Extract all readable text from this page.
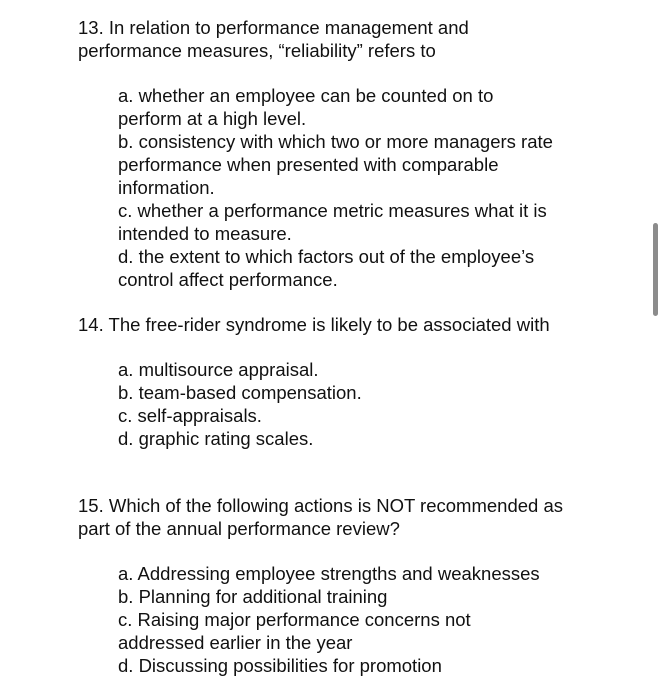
13. In relation to performance management and performance measures, “reliability” refers to

a. whether an employee can be counted on to perform at a high level.
b. consistency with which two or more managers rate performance when presented with comparable information.
c. whether a performance metric measures what it is intended to measure.
d. the extent to which factors out of the employee’s control affect performance.

14. The free-rider syndrome is likely to be associated with

a. multisource appraisal.
b. team-based compensation.
c. self-appraisals.
d. graphic rating scales.

15. Which of the following actions is NOT recommended as part of the annual performance review?

a. Addressing employee strengths and weaknesses
b. Planning for additional training
c. Raising major performance concerns not addressed earlier in the year
d. Discussing possibilities for promotion
